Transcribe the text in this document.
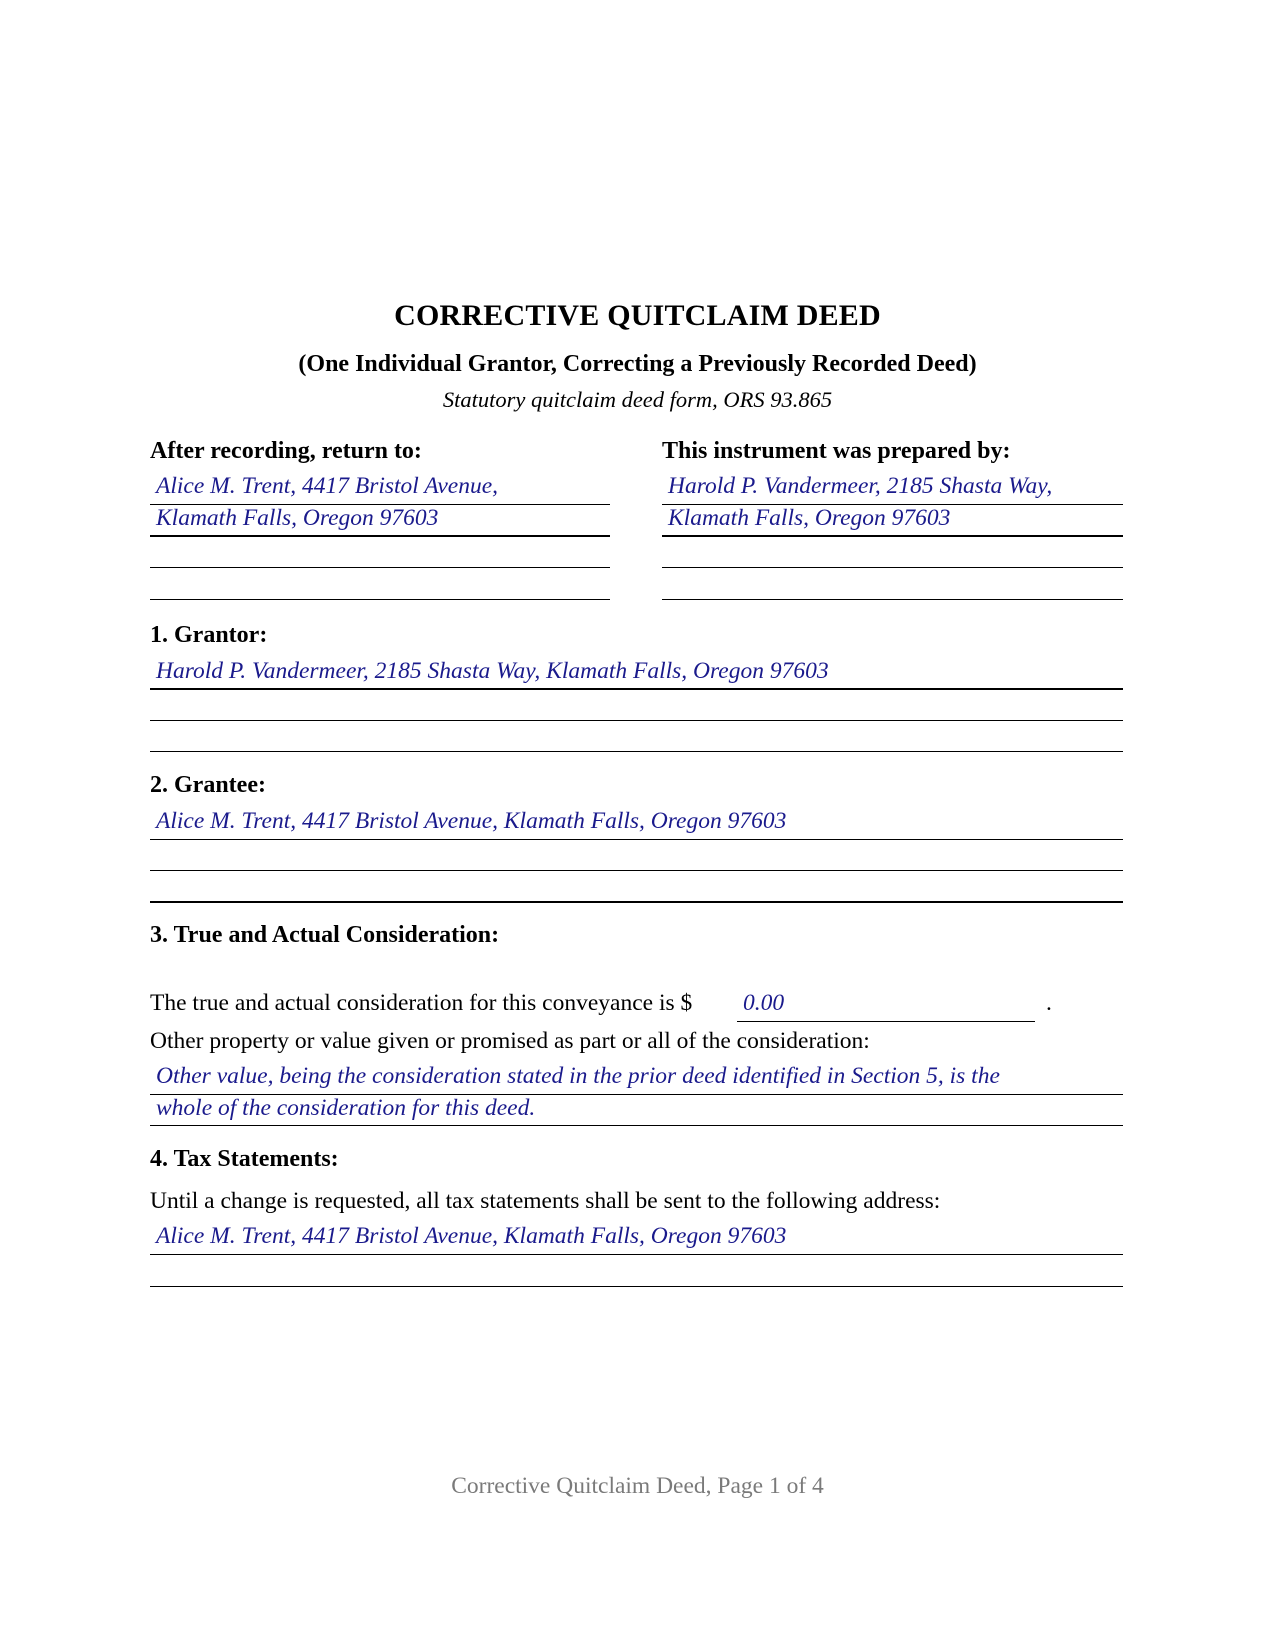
CORRECTIVE QUITCLAIM DEED
(One Individual Grantor, Correcting a Previously Recorded Deed)
Statutory quitclaim deed form, ORS 93.865
After recording, return to:
Alice M. Trent, 4417 Bristol Avenue,
Klamath Falls, Oregon 97603
This instrument was prepared by:
Harold P. Vandermeer, 2185 Shasta Way,
Klamath Falls, Oregon 97603
1. Grantor:
Harold P. Vandermeer, 2185 Shasta Way, Klamath Falls, Oregon 97603
2. Grantee:
Alice M. Trent, 4417 Bristol Avenue, Klamath Falls, Oregon 97603
3. True and Actual Consideration:
The true and actual consideration for this conveyance is $ 0.00	.
Other property or value given or promised as part or all of the consideration:
Other value, being the consideration stated in the prior deed identified in Section 5, is the
whole of the consideration for this deed.
4. Tax Statements:
Until a change is requested, all tax statements shall be sent to the following address:
Alice M. Trent, 4417 Bristol Avenue, Klamath Falls, Oregon 97603
Corrective Quitclaim Deed, Page 1 of 4
